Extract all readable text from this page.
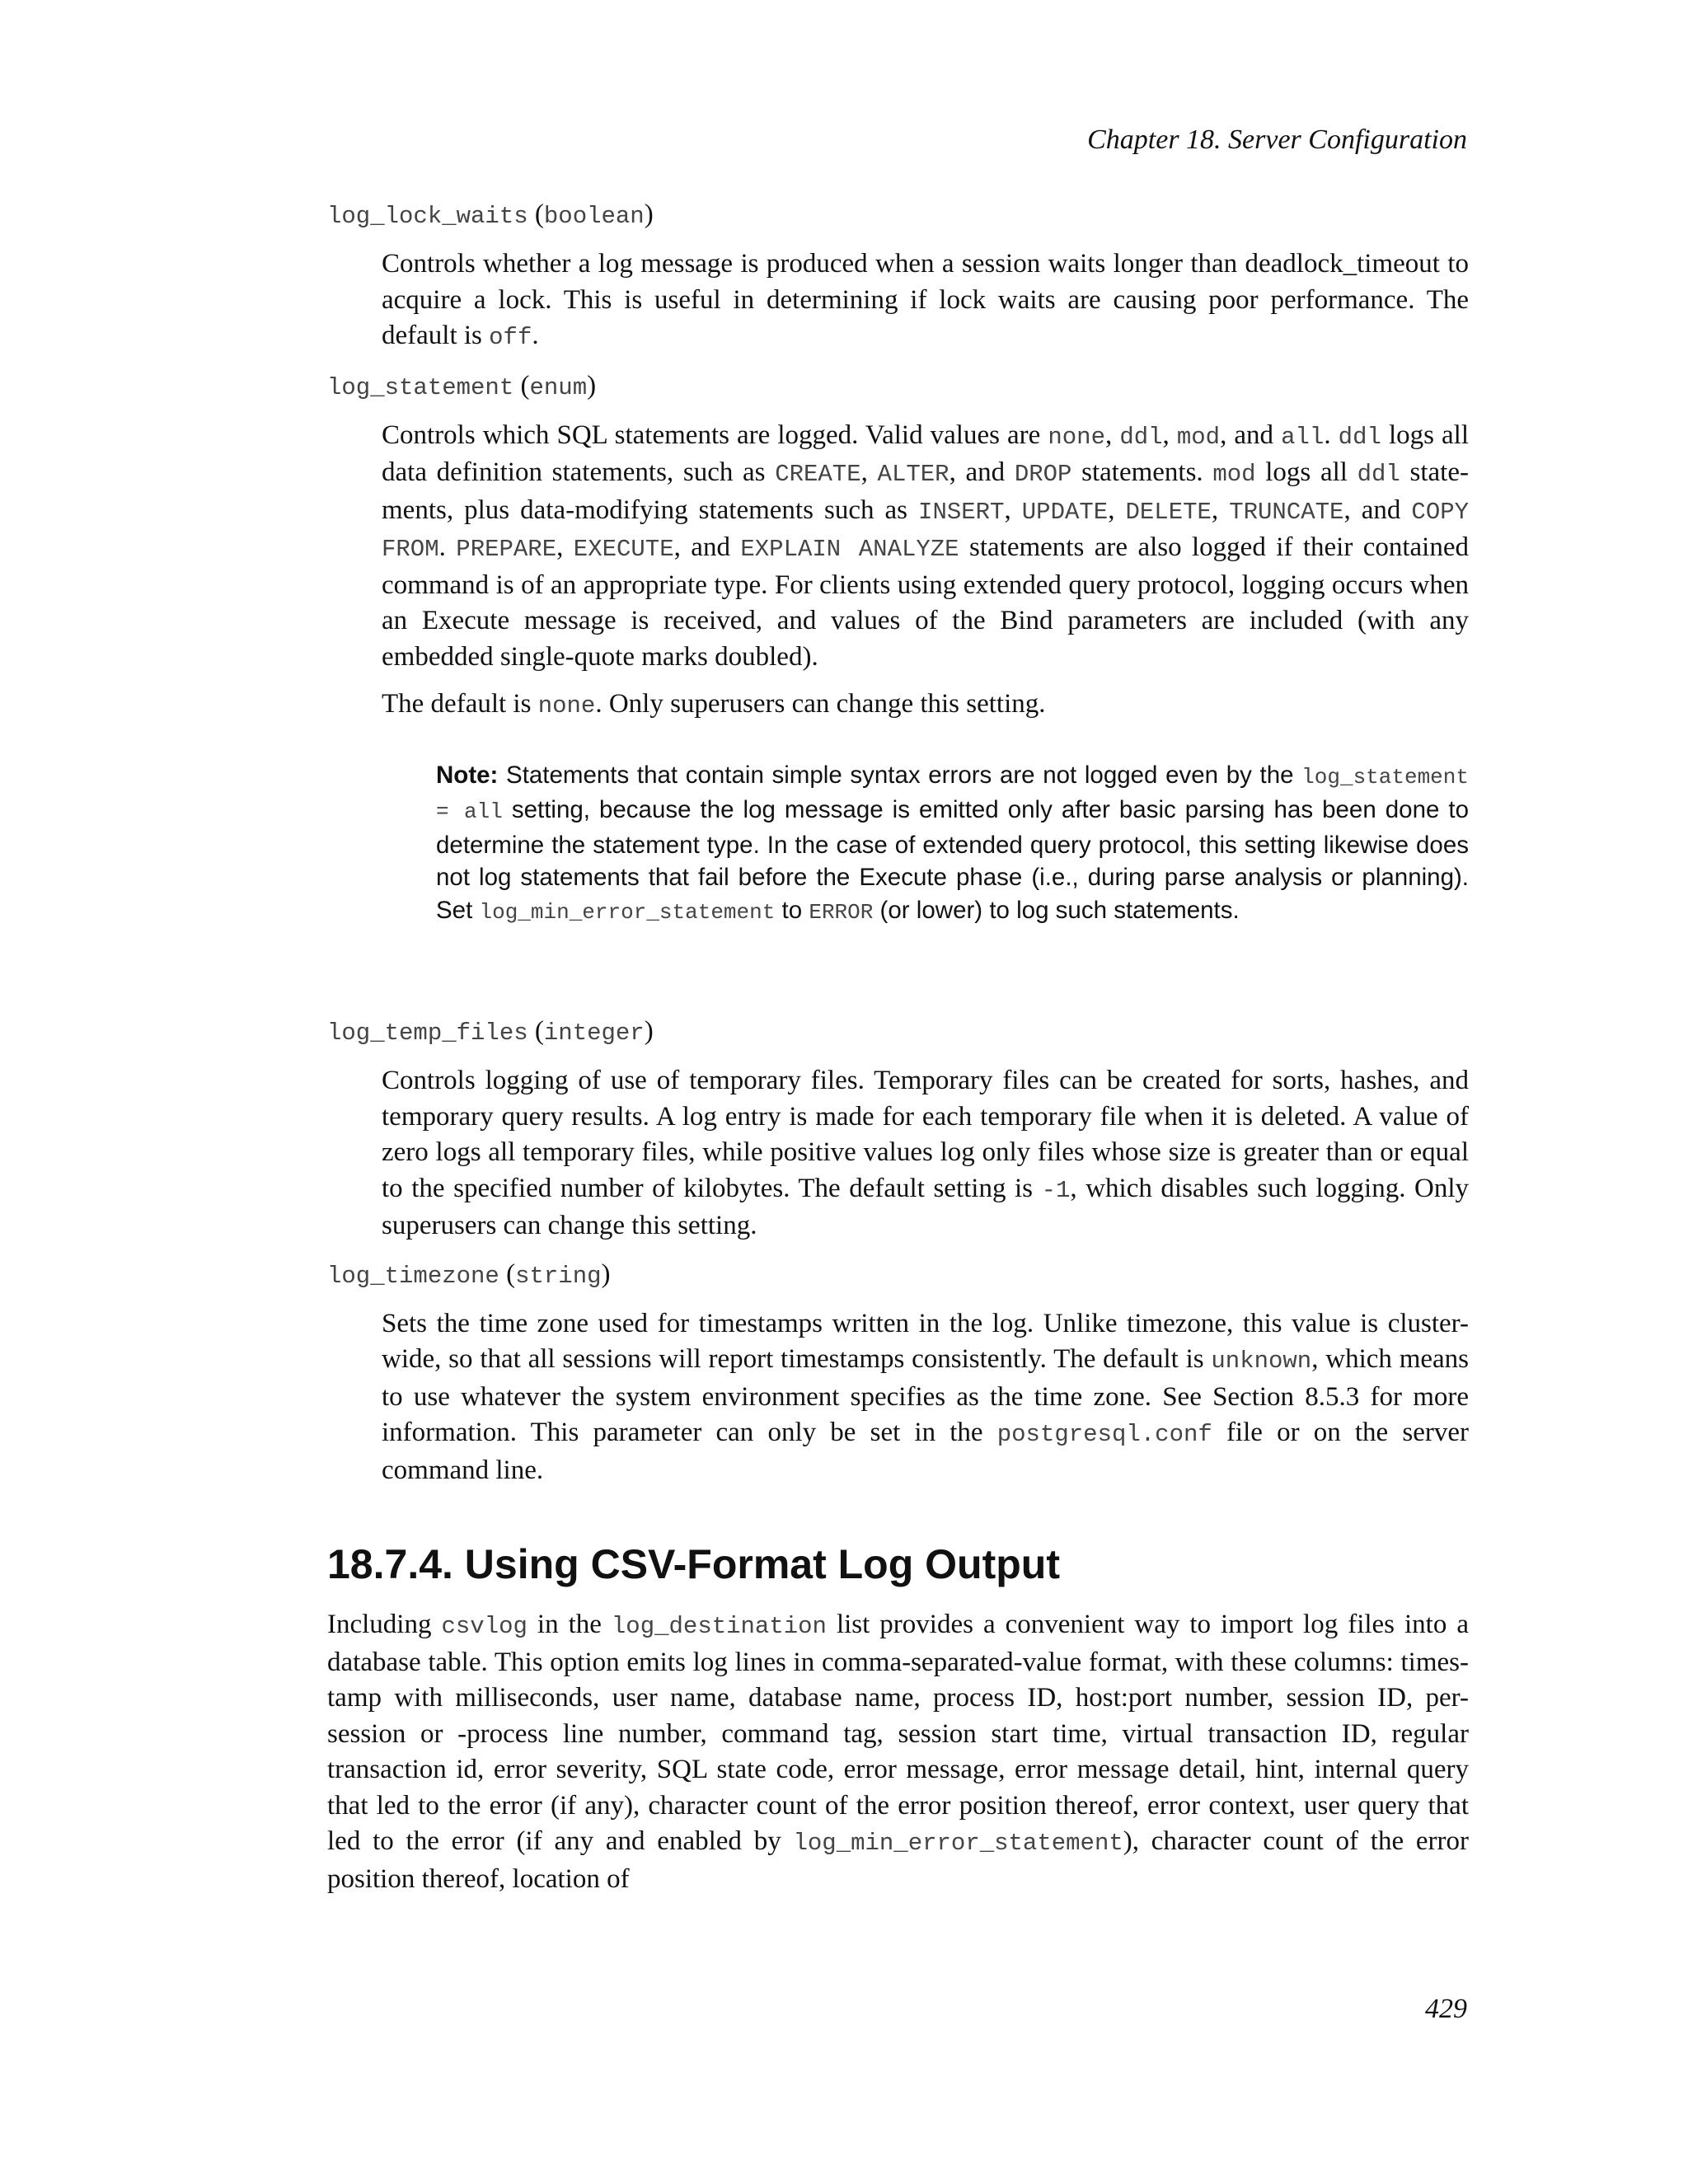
Chapter 18. Server Configuration

log_lock_waits (boolean)

Controls whether a log message is produced when a session waits longer than deadlock_timeout to acquire a lock. This is useful in determining if lock waits are causing poor performance. The default is off.

log_statement (enum)

Controls which SQL statements are logged. Valid values are none, ddl, mod, and all. ddl logs all data definition statements, such as CREATE, ALTER, and DROP statements. mod logs all ddl statements, plus data-modifying statements such as INSERT, UPDATE, DELETE, TRUNCATE, and COPY FROM. PREPARE, EXECUTE, and EXPLAIN ANALYZE statements are also logged if their contained command is of an appropriate type. For clients using extended query protocol, logging occurs when an Execute message is received, and values of the Bind parameters are included (with any embedded single-quote marks doubled).

The default is none. Only superusers can change this setting.

Note: Statements that contain simple syntax errors are not logged even by the log_statement = all setting, because the log message is emitted only after basic parsing has been done to determine the statement type. In the case of extended query protocol, this setting likewise does not log statements that fail before the Execute phase (i.e., during parse analysis or planning). Set log_min_error_statement to ERROR (or lower) to log such statements.

log_temp_files (integer)

Controls logging of use of temporary files. Temporary files can be created for sorts, hashes, and temporary query results. A log entry is made for each temporary file when it is deleted. A value of zero logs all temporary files, while positive values log only files whose size is greater than or equal to the specified number of kilobytes. The default setting is -1, which disables such logging. Only superusers can change this setting.

log_timezone (string)

Sets the time zone used for timestamps written in the log. Unlike timezone, this value is cluster-wide, so that all sessions will report timestamps consistently. The default is unknown, which means to use whatever the system environment specifies as the time zone. See Section 8.5.3 for more information. This parameter can only be set in the postgresql.conf file or on the server command line.

18.7.4. Using CSV-Format Log Output

Including csvlog in the log_destination list provides a convenient way to import log files into a database table. This option emits log lines in comma-separated-value format, with these columns: timestamp with milliseconds, user name, database name, process ID, host:port number, session ID, per-session or -process line number, command tag, session start time, virtual transaction ID, regular transaction id, error severity, SQL state code, error message, error message detail, hint, internal query that led to the error (if any), character count of the error position thereof, error context, user query that led to the error (if any and enabled by log_min_error_statement), character count of the error position thereof, location of

429
